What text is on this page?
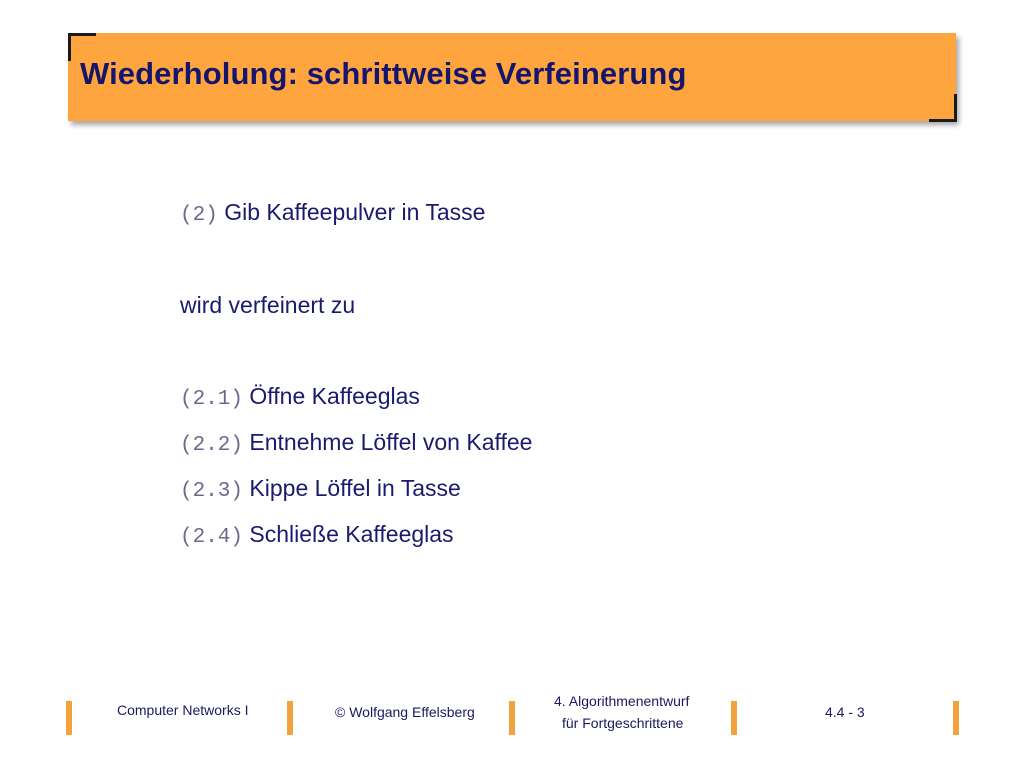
Wiederholung: schrittweise Verfeinerung
(2) Gib Kaffeepulver in Tasse
wird verfeinert zu
(2.1) Öffne Kaffeeglas
(2.2) Entnehme Löffel von Kaffee
(2.3) Kippe Löffel in Tasse
(2.4) Schließe Kaffeeglas
Computer Networks I	© Wolfgang Effelsberg
4. Algorithmenentwurf
für Fortgeschrittene
4.4 - 3
